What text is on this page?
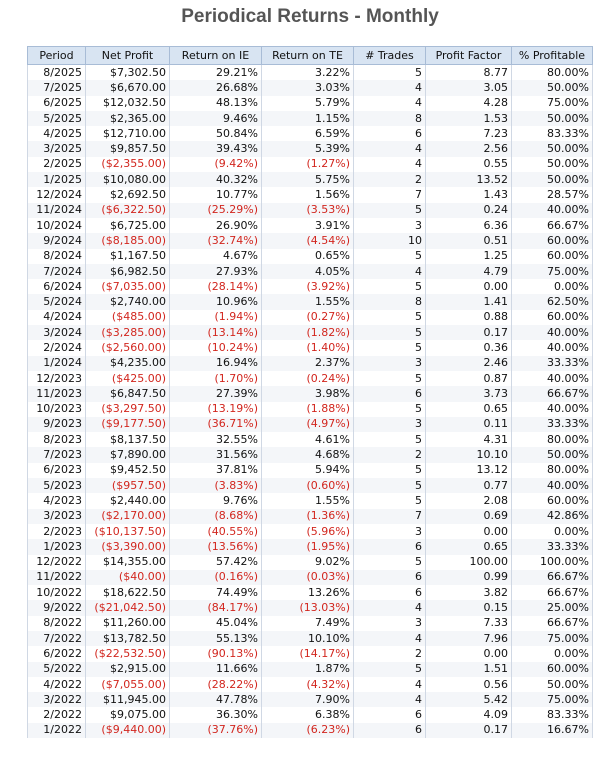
Periodical Returns - Monthly
Period	Net Profit	Return on IE	Return on TE	# Trades	Profit Factor	% Profitable
8/2025	$7,302.50	29.21%	3.22%	5	8.77	80.00%
7/2025	$6,670.00	26.68%	3.03%	4	3.05	50.00%
6/2025	$12,032.50	48.13%	5.79%	4	4.28	75.00%
5/2025	$2,365.00	9.46%	1.15%	8	1.53	50.00%
4/2025	$12,710.00	50.84%	6.59%	6	7.23	83.33%
3/2025	$9,857.50	39.43%	5.39%	4	2.56	50.00%
2/2025	($2,355.00)	(9.42%)	(1.27%)	4	0.55	50.00%
1/2025	$10,080.00	40.32%	5.75%	2	13.52	50.00%
12/2024	$2,692.50	10.77%	1.56%	7	1.43	28.57%
11/2024	($6,322.50)	(25.29%)	(3.53%)	5	0.24	40.00%
10/2024	$6,725.00	26.90%	3.91%	3	6.36	66.67%
9/2024	($8,185.00)	(32.74%)	(4.54%)	10	0.51	60.00%
8/2024	$1,167.50	4.67%	0.65%	5	1.25	60.00%
7/2024	$6,982.50	27.93%	4.05%	4	4.79	75.00%
6/2024	($7,035.00)	(28.14%)	(3.92%)	5	0.00	0.00%
5/2024	$2,740.00	10.96%	1.55%	8	1.41	62.50%
4/2024	($485.00)	(1.94%)	(0.27%)	5	0.88	60.00%
3/2024	($3,285.00)	(13.14%)	(1.82%)	5	0.17	40.00%
2/2024	($2,560.00)	(10.24%)	(1.40%)	5	0.36	40.00%
1/2024	$4,235.00	16.94%	2.37%	3	2.46	33.33%
12/2023	($425.00)	(1.70%)	(0.24%)	5	0.87	40.00%
11/2023	$6,847.50	27.39%	3.98%	6	3.73	66.67%
10/2023	($3,297.50)	(13.19%)	(1.88%)	5	0.65	40.00%
9/2023	($9,177.50)	(36.71%)	(4.97%)	3	0.11	33.33%
8/2023	$8,137.50	32.55%	4.61%	5	4.31	80.00%
7/2023	$7,890.00	31.56%	4.68%	2	10.10	50.00%
6/2023	$9,452.50	37.81%	5.94%	5	13.12	80.00%
5/2023	($957.50)	(3.83%)	(0.60%)	5	0.77	40.00%
4/2023	$2,440.00	9.76%	1.55%	5	2.08	60.00%
3/2023	($2,170.00)	(8.68%)	(1.36%)	7	0.69	42.86%
2/2023	($10,137.50)	(40.55%)	(5.96%)	3	0.00	0.00%
1/2023	($3,390.00)	(13.56%)	(1.95%)	6	0.65	33.33%
12/2022	$14,355.00	57.42%	9.02%	5	100.00	100.00%
11/2022	($40.00)	(0.16%)	(0.03%)	6	0.99	66.67%
10/2022	$18,622.50	74.49%	13.26%	6	3.82	66.67%
9/2022	($21,042.50)	(84.17%)	(13.03%)	4	0.15	25.00%
8/2022	$11,260.00	45.04%	7.49%	3	7.33	66.67%
7/2022	$13,782.50	55.13%	10.10%	4	7.96	75.00%
6/2022	($22,532.50)	(90.13%)	(14.17%)	2	0.00	0.00%
5/2022	$2,915.00	11.66%	1.87%	5	1.51	60.00%
4/2022	($7,055.00)	(28.22%)	(4.32%)	4	0.56	50.00%
3/2022	$11,945.00	47.78%	7.90%	4	5.42	75.00%
2/2022	$9,075.00	36.30%	6.38%	6	4.09	83.33%
1/2022	($9,440.00)	(37.76%)	(6.23%)	6	0.17	16.67%
